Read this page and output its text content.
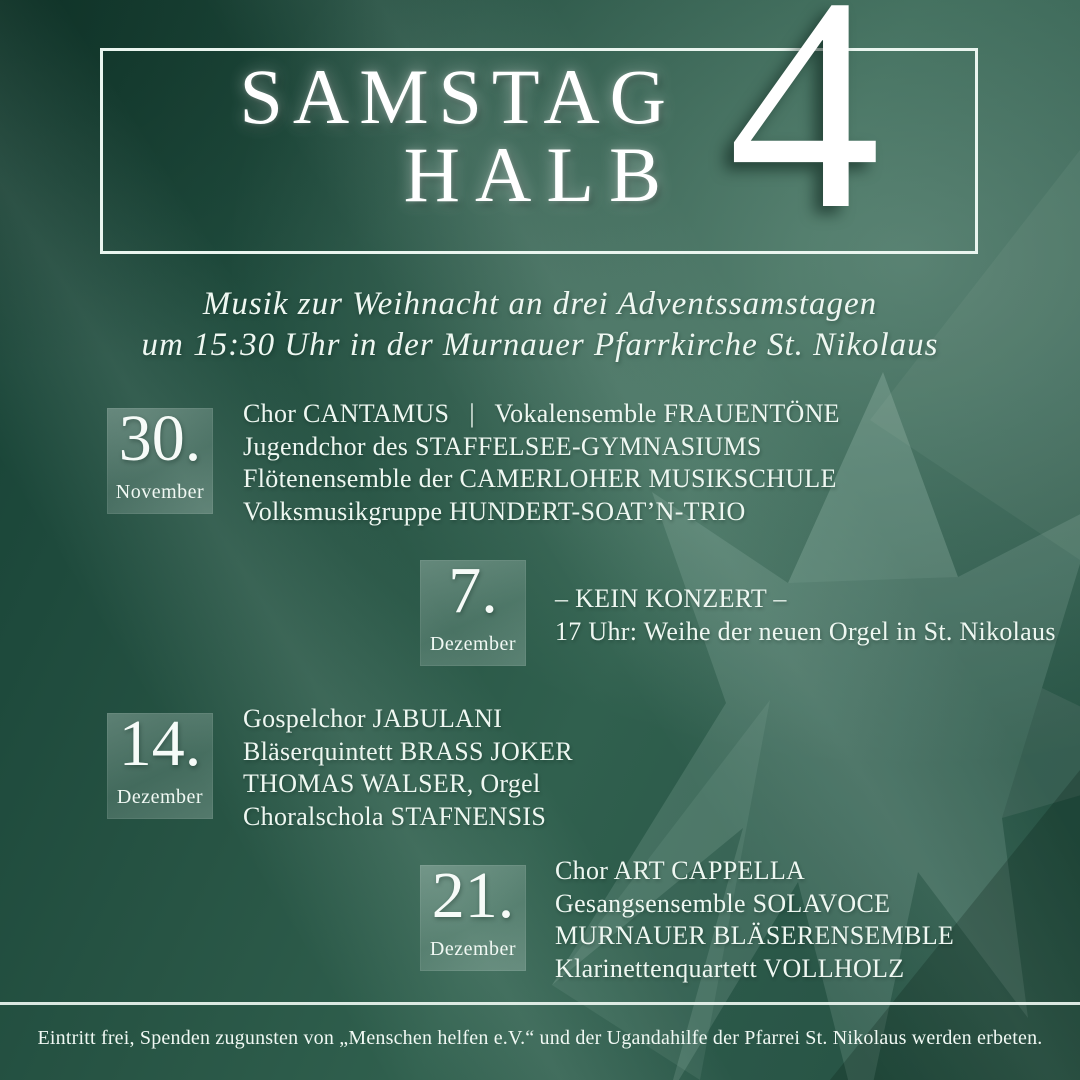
SAMSTAG
HALB 4
Musik zur Weihnacht an drei Adventssamstagen
um 15:30 Uhr in der Murnauer Pfarrkirche St. Nikolaus
30.
November
Chor CANTAMUS  |  Vokalensemble FRAUENTÖNE
Jugendchor des STAFFELSEE-GYMNASIUMS
Flötenensemble der CAMERLOHER MUSIKSCHULE
Volksmusikgruppe HUNDERT-SOAT’N-TRIO
7.
Dezember
– KEIN KONZERT –
17 Uhr: Weihe der neuen Orgel in St. Nikolaus
14.
Dezember
Gospelchor JABULANI
Bläserquintett BRASS JOKER
THOMAS WALSER, Orgel
Choralschola STAFNENSIS
21.
Dezember
Chor ART CAPPELLA
Gesangsensemble SOLAVOCE
MURNAUER BLÄSERENSEMBLE
Klarinettenquartett VOLLHOLZ
Eintritt frei, Spenden zugunsten von „Menschen helfen e.V.“ und der Ugandahilfe der Pfarrei St. Nikolaus werden erbeten.
